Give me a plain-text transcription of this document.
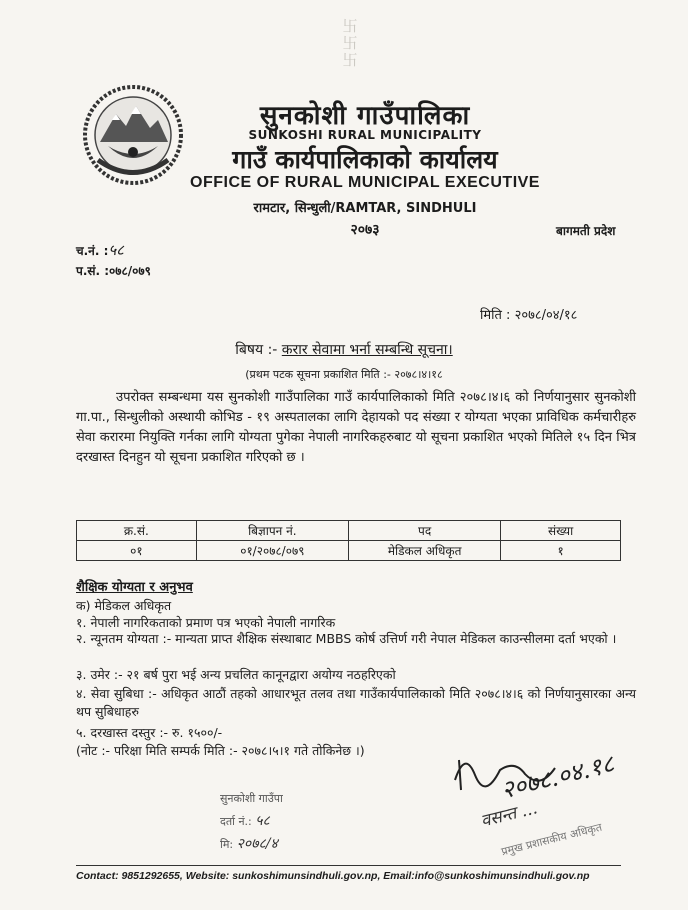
卐
卐
卐
सुनकोशी गाउँपालिका
SUNKOSHI RURAL MUNICIPALITY
गाउँ कार्यपालिकाको कार्यालय
OFFICE OF RURAL MUNICIPAL EXECUTIVE
रामटार, सिन्धुली/RAMTAR, SINDHULI
२०७३	बागमती प्रदेश
च.नं. :५८
प.सं. :०७८/०७९
मिति : २०७८/०४/१८
बिषय :- करार सेवामा भर्ना सम्बन्धि सूचना।
(प्रथम पटक सूचना प्रकाशित मिति :- २०७८।४।१८
उपरोक्त सम्बन्धमा यस सुनकोशी गाउँपालिका गाउँ कार्यपालिकाको मिति २०७८।४।६ को निर्णयानुसार सुनकोशी गा.पा., सिन्धुलीको अस्थायी कोभिड - १९ अस्पतालका लागि देहायको पद संख्या र योग्यता भएका प्राविधिक कर्मचारीहरु सेवा करारमा नियुक्ति गर्नका लागि योग्यता पुगेका नेपाली नागरिकहरुबाट यो सूचना प्रकाशित भएको मितिले १५ दिन भित्र दरखास्त दिनहुन यो सूचना प्रकाशित गरिएको छ ।
क्र.सं.	बिज्ञापन नं.	पद	संख्या
०१	०१/२०७८/०७९	मेडिकल अधिकृत	१
शैक्षिक योग्यता र अनुभव
क) मेडिकल अधिकृत
१. नेपाली नागरिकताको प्रमाण पत्र भएको नेपाली नागरिक
२. न्यूनतम योग्यता :- मान्यता प्राप्त शैक्षिक संस्थाबाट MBBS कोर्ष उत्तिर्ण गरी नेपाल मेडिकल काउन्सीलमा दर्ता भएको ।
३. उमेर :- २१ बर्ष पुरा भई अन्य प्रचलित कानूनद्वारा अयोग्य नठहरिएको
४. सेवा सुबिधा :- अधिकृत आठौं तहको आधारभूत तलव तथा गाउँकार्यपालिकाको मिति २०७८।४।६ को निर्णयानुसारका अन्य थप सुबिधाहरु
५. दरखास्त दस्तुर :- रु. १५००/-
(नोट :- परिक्षा मिति सम्पर्क मिति :- २०७८।५।१ गते तोकिनेछ ।)
सुनकोशी गाउँपा
दर्ता नं.: ५८
मि: २०७८/४
२०७८.०४.१८
वसन्त ...
प्रमुख प्रशासकीय अधिकृत
Contact: 9851292655, Website: sunkoshimunsindhuli.gov.np, Email:info@sunkoshimunsindhuli.gov.np
